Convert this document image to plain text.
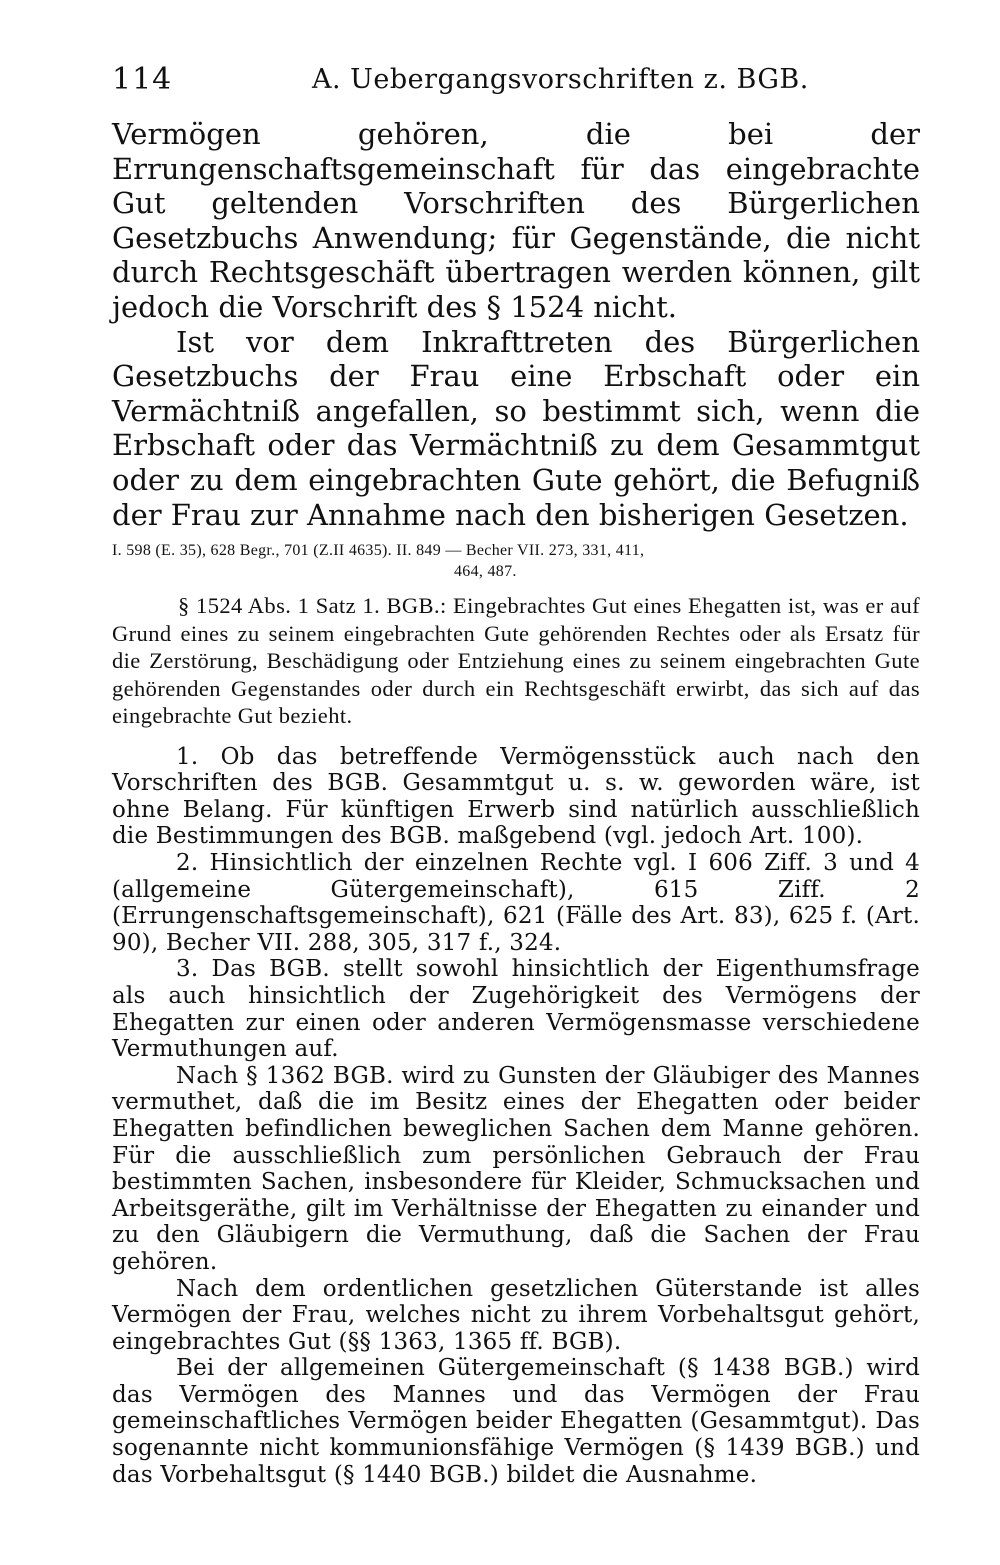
114	A. Uebergangsvorschriften z. BGB.

Vermögen gehören, die bei der Errungenschaftsgemeinschaft für das eingebrachte Gut geltenden Vorschriften des Bürgerlichen Gesetzbuchs Anwendung; für Gegenstände, die nicht durch Rechtsgeschäft übertragen werden können, gilt jedoch die Vorschrift des § 1524 nicht.

Ist vor dem Inkrafttreten des Bürgerlichen Gesetzbuchs der Frau eine Erbschaft oder ein Vermächtniß angefallen, so bestimmt sich, wenn die Erbschaft oder das Vermächtniß zu dem Gesammtgut oder zu dem eingebrachten Gute gehört, die Befugniß der Frau zur Annahme nach den bisherigen Gesetzen.

I. 598 (E. 35), 628 Begr., 701 (Z.II 4635). II. 849 — Becher VII. 273, 331, 411,
464, 487.

§ 1524 Abs. 1 Satz 1. BGB.: Eingebrachtes Gut eines Ehegatten ist, was er auf Grund eines zu seinem eingebrachten Gute gehörenden Rechtes oder als Ersatz für die Zerstörung, Beschädigung oder Entziehung eines zu seinem eingebrachten Gute gehörenden Gegenstandes oder durch ein Rechtsgeschäft erwirbt, das sich auf das eingebrachte Gut bezieht.

1. Ob das betreffende Vermögensstück auch nach den Vorschriften des BGB. Gesammtgut u. s. w. geworden wäre, ist ohne Belang. Für künftigen Erwerb sind natürlich ausschließlich die Bestimmungen des BGB. maßgebend (vgl. jedoch Art. 100).

2. Hinsichtlich der einzelnen Rechte vgl. I 606 Ziff. 3 und 4 (allgemeine Gütergemeinschaft), 615 Ziff. 2 (Errungenschaftsgemeinschaft), 621 (Fälle des Art. 83), 625 f. (Art. 90), Becher VII. 288, 305, 317 f., 324.

3. Das BGB. stellt sowohl hinsichtlich der Eigenthumsfrage als auch hinsichtlich der Zugehörigkeit des Vermögens der Ehegatten zur einen oder anderen Vermögensmasse verschiedene Vermuthungen auf.

Nach § 1362 BGB. wird zu Gunsten der Gläubiger des Mannes vermuthet, daß die im Besitz eines der Ehegatten oder beider Ehegatten befindlichen beweglichen Sachen dem Manne gehören. Für die ausschließlich zum persönlichen Gebrauch der Frau bestimmten Sachen, insbesondere für Kleider, Schmucksachen und Arbeitsgeräthe, gilt im Verhältnisse der Ehegatten zu einander und zu den Gläubigern die Vermuthung, daß die Sachen der Frau gehören.

Nach dem ordentlichen gesetzlichen Güterstande ist alles Vermögen der Frau, welches nicht zu ihrem Vorbehaltsgut gehört, eingebrachtes Gut (§§ 1363, 1365 ff. BGB).

Bei der allgemeinen Gütergemeinschaft (§ 1438 BGB.) wird das Vermögen des Mannes und das Vermögen der Frau gemeinschaftliches Vermögen beider Ehegatten (Gesammtgut). Das sogenannte nicht kommunionsfähige Vermögen (§ 1439 BGB.) und das Vorbehaltsgut (§ 1440 BGB.) bildet die Ausnahme.
